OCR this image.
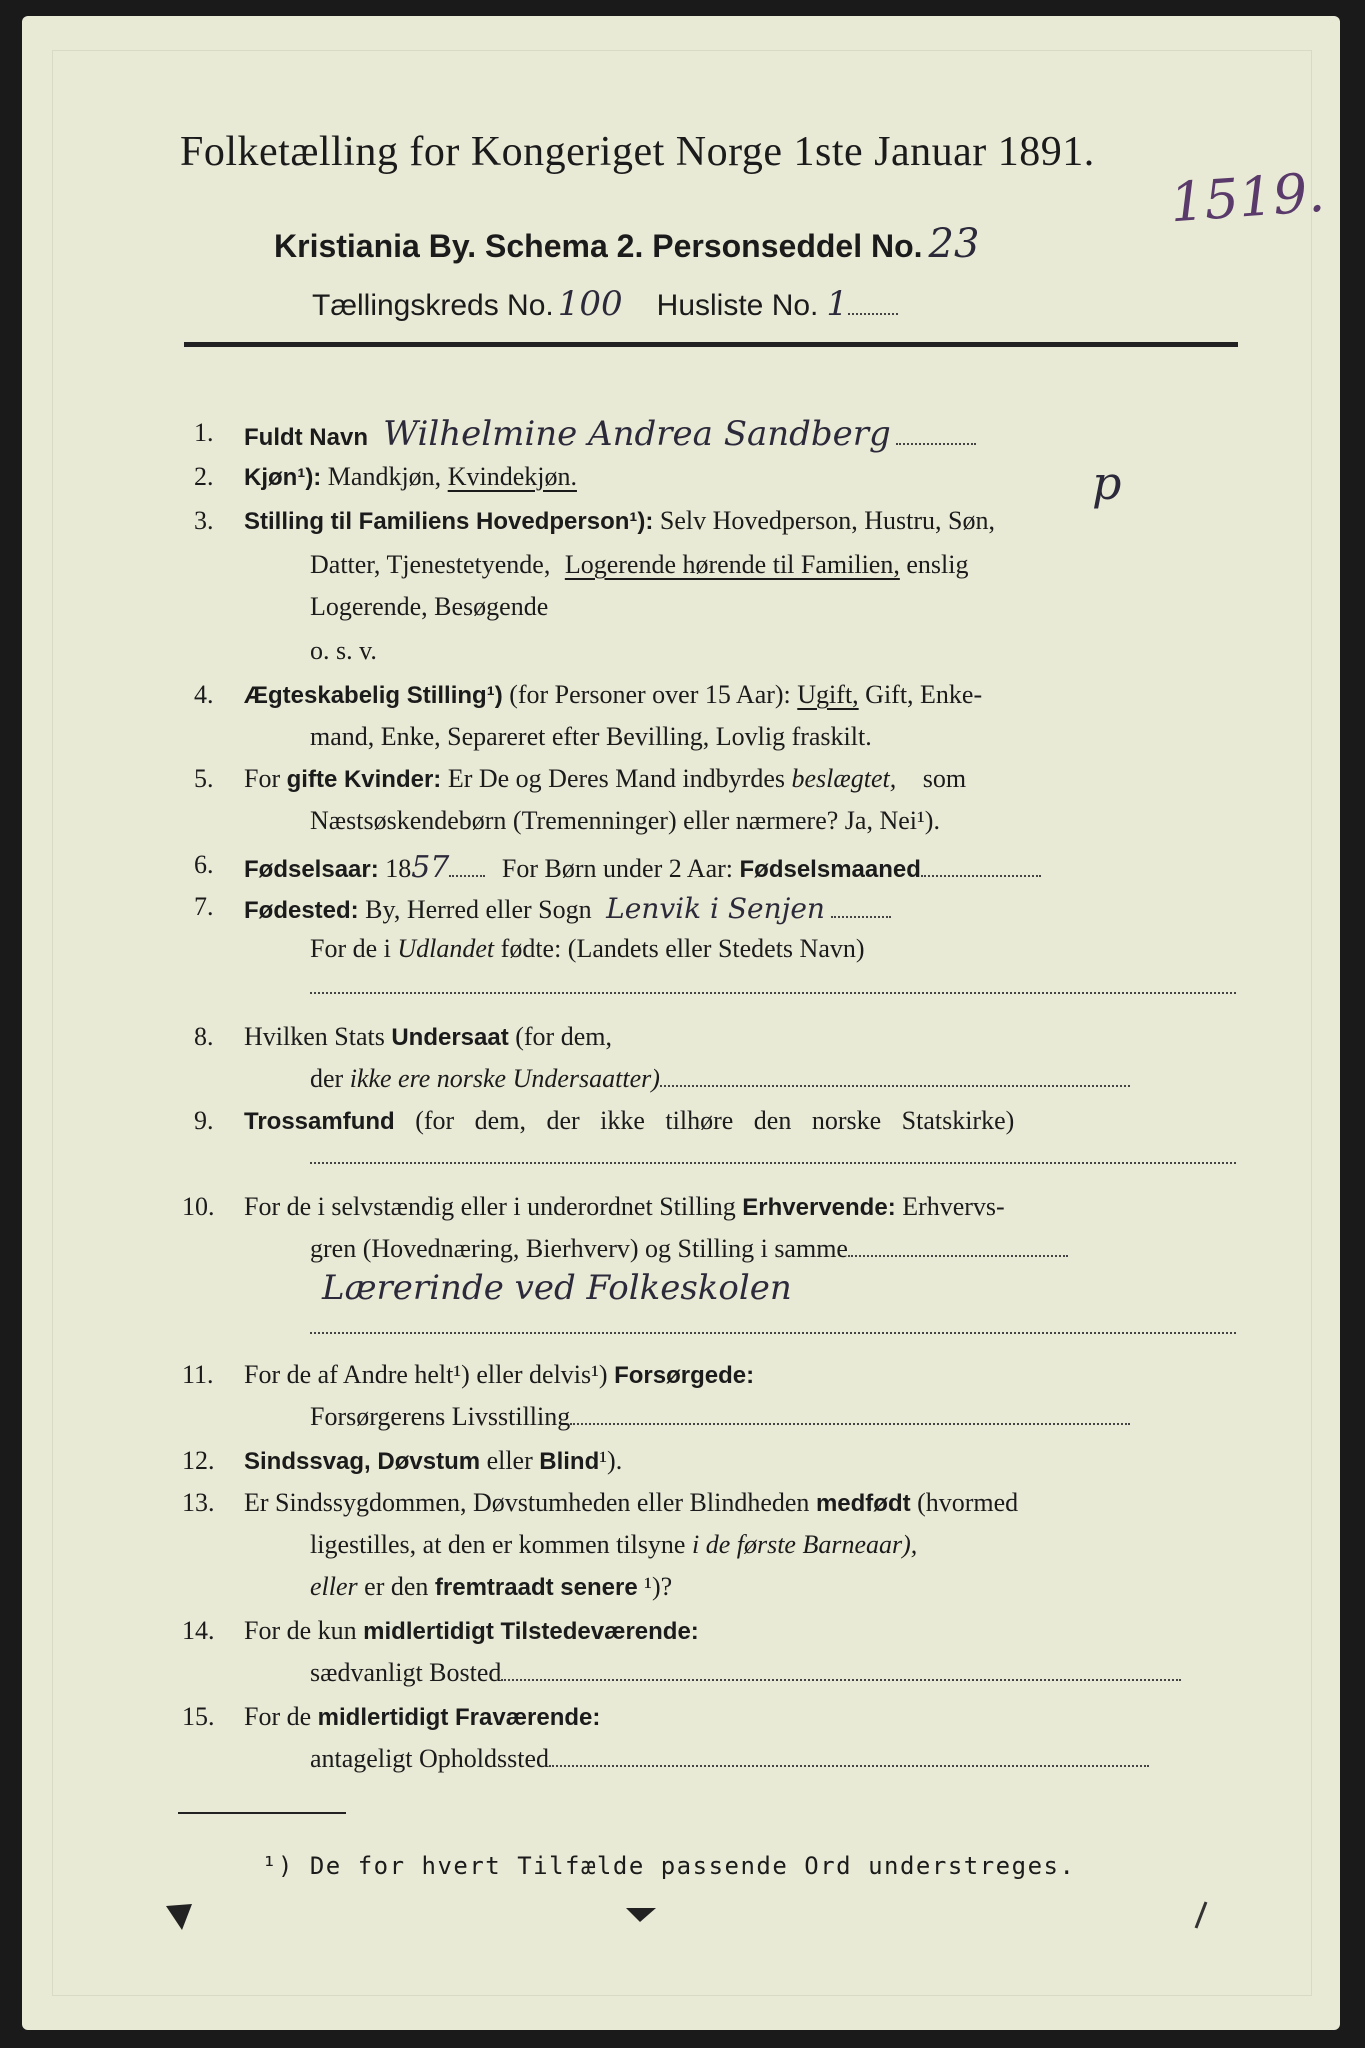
Folketælling for Kongeriget Norge 1ste Januar 1891.
1519.
Kristiania By. Schema 2. Personseddel No. 23
Tællingskreds No. 100 Husliste No. 1
1. Fuldt Navn Wilhelmine Andrea Sandberg
2. Kjøn¹): Mandkjøn, Kvindekjøn.	p
3. Stilling til Familiens Hovedperson¹): Selv Hovedperson, Hustru, Søn,
Datter, Tjenestetyende, Logerende hørende til Familien, enslig
Logerende, Besøgende
o. s. v.
4. Ægteskabelig Stilling¹) (for Personer over 15 Aar): Ugift, Gift, Enke-
mand, Enke, Separeret efter Bevilling, Lovlig fraskilt.
5. For gifte Kvinder: Er De og Deres Mand indbyrdes beslægtet, som
Næstsøskendebørn (Tremenninger) eller nærmere? Ja, Nei¹).
6. Fødselsaar: 1857 For Børn under 2 Aar: Fødselsmaaned
7. Fødested: By, Herred eller Sogn Lenvik i Senjen
For de i Udlandet fødte: (Landets eller Stedets Navn)
8. Hvilken Stats Undersaat (for dem,
der ikke ere norske Undersaatter)
9. Trossamfund (for dem, der ikke tilhøre den norske Statskirke)
10. For de i selvstændig eller i underordnet Stilling Erhvervende: Erhvervs-
gren (Hovednæring, Bierhverv) og Stilling i samme
Lærerinde ved Folkeskolen
11. For de af Andre helt¹) eller delvis¹) Forsørgede:
Forsørgerens Livsstilling
12. Sindssvag, Døvstum eller Blind¹).
13. Er Sindssygdommen, Døvstumheden eller Blindheden medfødt (hvormed
ligestilles, at den er kommen tilsyne i de første Barneaar),
eller er den fremtraadt senere ¹)?
14. For de kun midlertidigt Tilstedeværende:
sædvanligt Bosted
15. For de midlertidigt Fraværende:
antageligt Opholdssted
¹) De for hvert Tilfælde passende Ord understreges.
